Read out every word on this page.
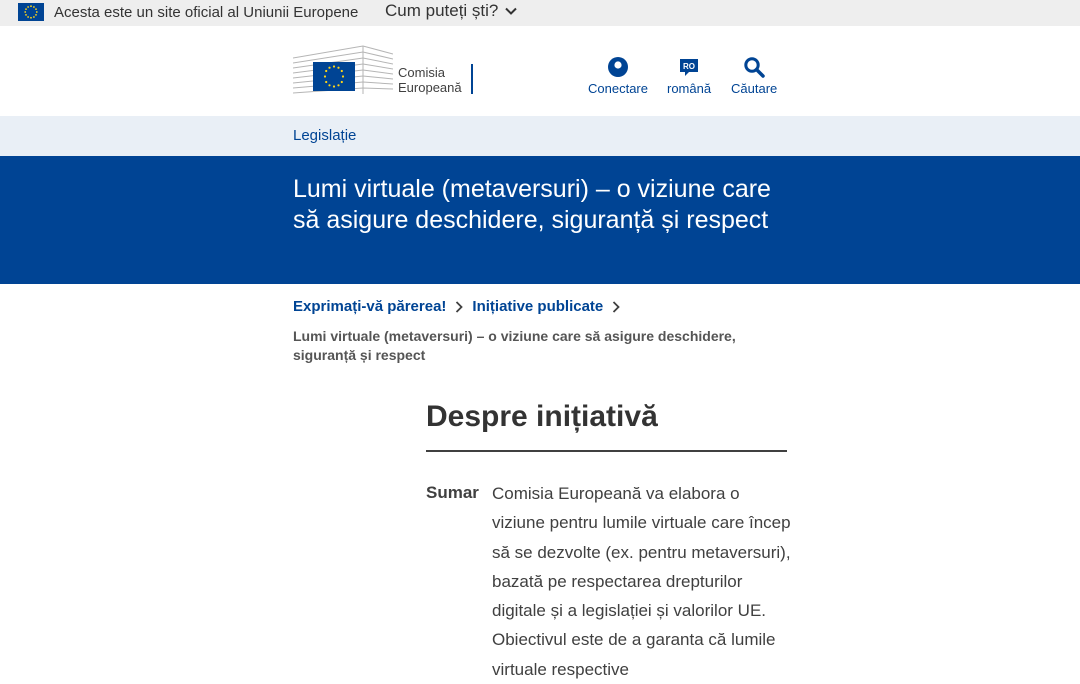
Acesta este un site oficial al Uniunii Europene Cum puteți ști?
Comisia
Europeană	Conectare
RO
română Căutare
Legislație
Lumi virtuale (metaversuri) – o viziune care să asigure deschidere, siguranță și respect
Exprimați-vă părerea! Inițiative publicate
Lumi virtuale (metaversuri) – o viziune care să asigure deschidere, siguranță și respect
Despre inițiativă
Sumar Comisia Europeană va elabora o viziune pentru lumile virtuale care încep să se dezvolte (ex. pentru metaversuri), bazată pe respectarea drepturilor digitale și a legislației și valorilor UE. Obiectivul este de a garanta că lumile virtuale respective
